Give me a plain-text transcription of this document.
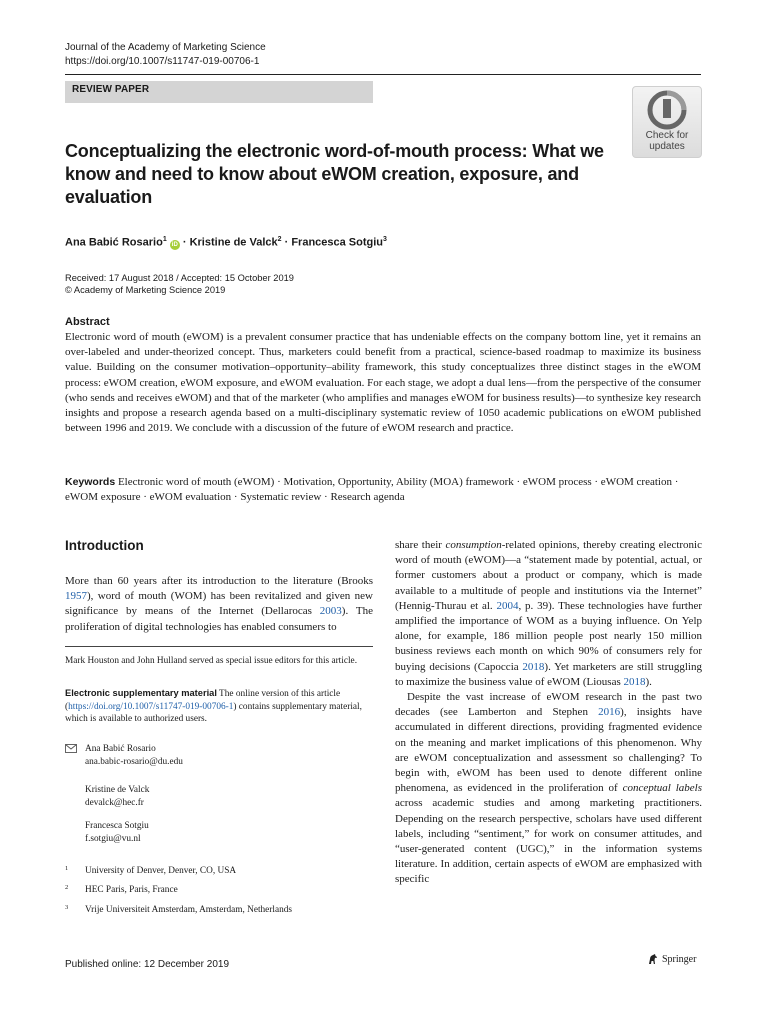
Journal of the Academy of Marketing Science
https://doi.org/10.1007/s11747-019-00706-1
REVIEW PAPER
Check for
updates
Conceptualizing the electronic word-of-mouth process: What we know and need to know about eWOM creation, exposure, and evaluation
Ana Babić Rosario$^1$ iD · Kristine de Valck$^2$ · Francesca Sotgiu$^3$
Received: 17 August 2018 / Accepted: 15 October 2019
© Academy of Marketing Science 2019
Abstract

Electronic word of mouth (eWOM) is a prevalent consumer practice that has undeniable effects on the company bottom line, yet it remains an over-labeled and under-theorized concept. Thus, marketers could benefit from a practical, science-based roadmap to maximize its business value. Building on the consumer motivation–opportunity–ability framework, this study conceptualizes three distinct stages in the eWOM process: eWOM creation, eWOM exposure, and eWOM evaluation. For each stage, we adopt a dual lens—from the perspective of the consumer (who sends and receives eWOM) and that of the marketer (who amplifies and manages eWOM for business results)—to synthesize key research insights and propose a research agenda based on a multi-disciplinary systematic review of 1050 academic publications on eWOM published between 1996 and 2019. We conclude with a discussion of the future of eWOM research and practice.

Keywords Electronic word of mouth (eWOM) · Motivation, Opportunity, Ability (MOA) framework · eWOM process · eWOM creation · eWOM exposure · eWOM evaluation · Systematic review · Research agenda

Introduction

More than 60 years after its introduction to the literature (Brooks 1957), word of mouth (WOM) has been revitalized and given new significance by means of the Internet (Dellarocas 2003). The proliferation of digital technologies has enabled consumers to

Mark Houston and John Hulland served as special issue editors for this article.

Electronic supplementary material The online version of this article (https://doi.org/10.1007/s11747-019-00706-1) contains supplementary material, which is available to authorized users.

Ana Babić Rosario
ana.babic-rosario@du.edu
Kristine de Valck
devalck@hec.fr
Francesca Sotgiu
f.sotgiu@vu.nl
1 University of Denver, Denver, CO, USA
2 HEC Paris, Paris, France
3 Vrije Universiteit Amsterdam, Amsterdam, Netherlands

share their consumption-related opinions, thereby creating electronic word of mouth (eWOM)—a “statement made by potential, actual, or former customers about a product or company, which is made available to a multitude of people and institutions via the Internet” (Hennig-Thurau et al. 2004, p. 39). These technologies have further amplified the importance of WOM as a buying influence. On Yelp alone, for example, 186 million people post nearly 150 million business reviews each month on which 90% of consumers rely for buying decisions (Capoccia 2018). Yet marketers are still struggling to maximize the business value of eWOM (Liousas 2018).

Despite the vast increase of eWOM research in the past two decades (see Lamberton and Stephen 2016), insights have accumulated in different directions, providing fragmented evidence on the meaning and market implications of this phenomenon. Why are eWOM conceptualization and assessment so challenging? To begin with, eWOM has been used to denote different online phenomena, as evidenced in the proliferation of conceptual labels across academic studies and among marketing practitioners. Depending on the research perspective, scholars have used different labels, including “sentiment,” for work on consumer attitudes, and “user-generated content (UGC),” in the information systems literature. In addition, certain aspects of eWOM are emphasized with specific

Published online: 12 December 2019	Springer
